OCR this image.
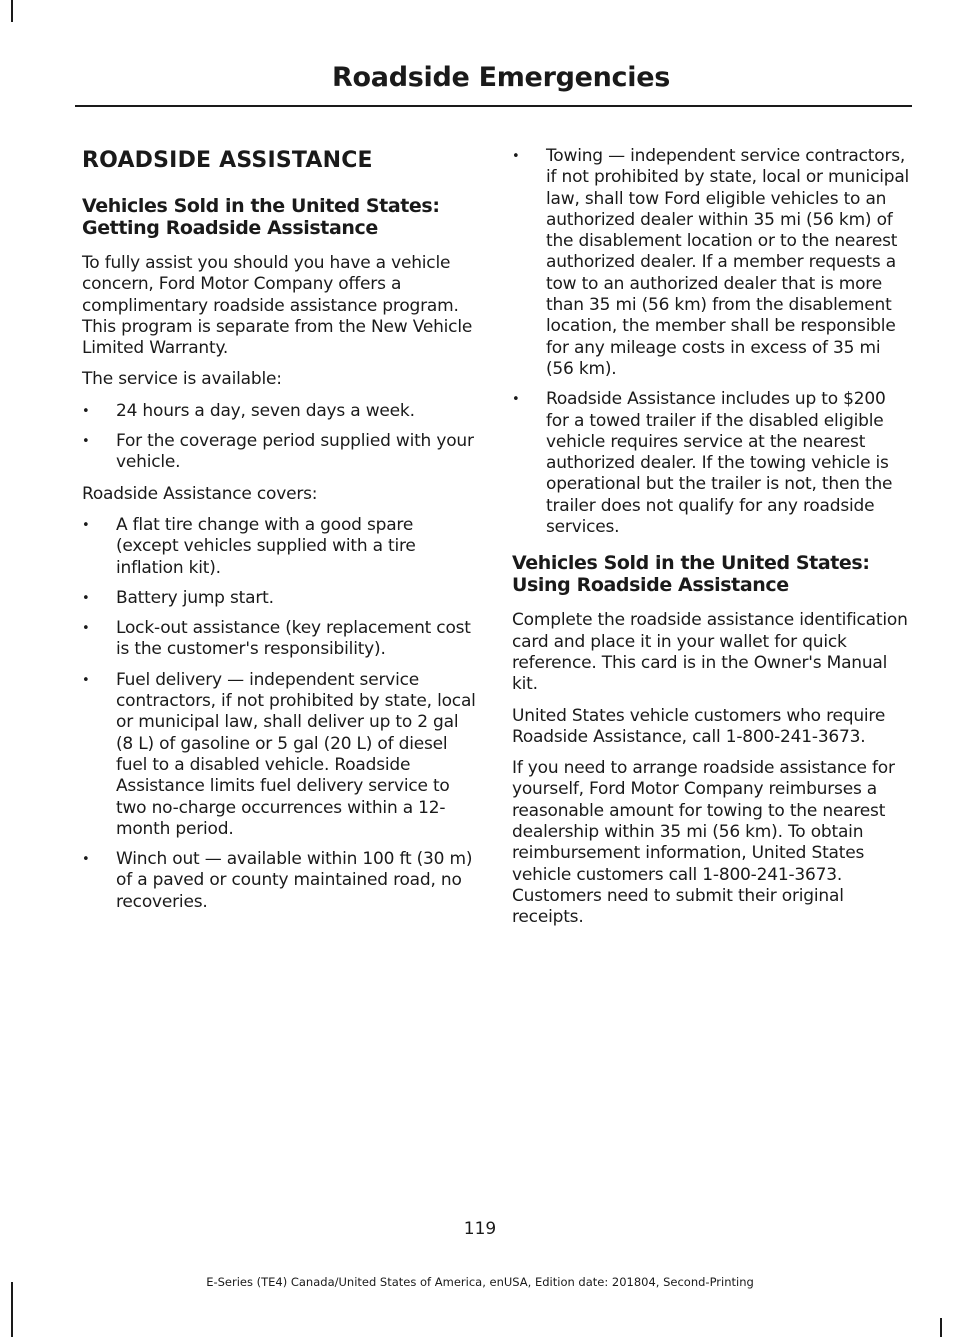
Roadside Emergencies
ROADSIDE ASSISTANCE
Vehicles Sold in the United States: Getting Roadside Assistance

To fully assist you should you have a vehicle concern, Ford Motor Company offers a complimentary roadside assistance program. This program is separate from the New Vehicle Limited Warranty.

The service is available:

• 24 hours a day, seven days a week.
• For the coverage period supplied with your vehicle.

Roadside Assistance covers:

• A flat tire change with a good spare (except vehicles supplied with a tire inflation kit).
• Battery jump start.
• Lock-out assistance (key replacement cost is the customer's responsibility).
• Fuel delivery — independent service contractors, if not prohibited by state, local or municipal law, shall deliver up to 2 gal (8 L) of gasoline or 5 gal (20 L) of diesel fuel to a disabled vehicle. Roadside Assistance limits fuel delivery service to two no-charge occurrences within a 12-month period.
• Winch out — available within 100 ft (30 m) of a paved or county maintained road, no recoveries.
• Towing — independent service contractors, if not prohibited by state, local or municipal law, shall tow Ford eligible vehicles to an authorized dealer within 35 mi (56 km) of the disablement location or to the nearest authorized dealer. If a member requests a tow to an authorized dealer that is more than 35 mi (56 km) from the disablement location, the member shall be responsible for any mileage costs in excess of 35 mi (56 km).
• Roadside Assistance includes up to $200 for a towed trailer if the disabled eligible vehicle requires service at the nearest authorized dealer. If the towing vehicle is operational but the trailer is not, then the trailer does not qualify for any roadside services.
Vehicles Sold in the United States: Using Roadside Assistance

Complete the roadside assistance identification card and place it in your wallet for quick reference. This card is in the Owner's Manual kit.

United States vehicle customers who require Roadside Assistance, call 1-800-241-3673.

If you need to arrange roadside assistance for yourself, Ford Motor Company reimburses a reasonable amount for towing to the nearest dealership within 35 mi (56 km). To obtain reimbursement information, United States vehicle customers call 1-800-241-3673. Customers need to submit their original receipts.

119
E-Series (TE4) Canada/United States of America, enUSA, Edition date: 201804, Second-Printing
